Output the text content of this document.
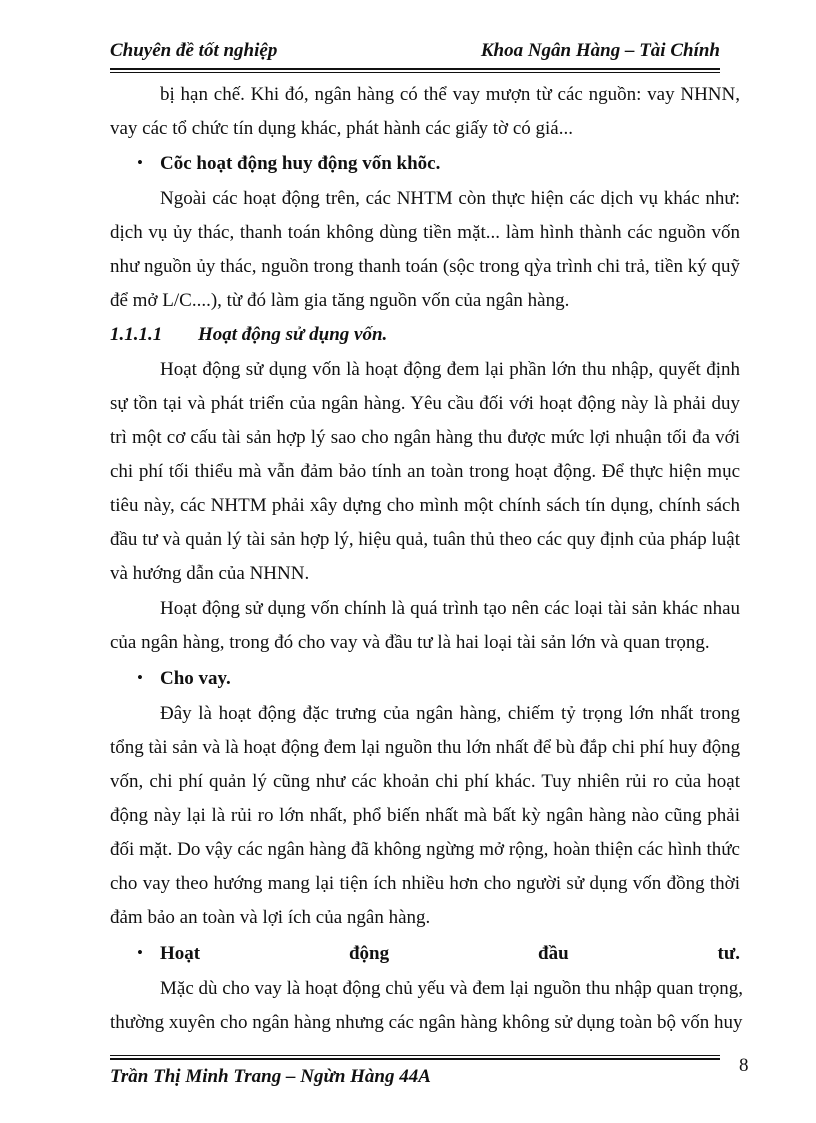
Chuyên đề tốt nghiệp	Khoa Ngân Hàng – Tài Chính
bị hạn chế. Khi đó, ngân hàng có thể vay mượn từ các nguồn: vay NHNN,
vay các tổ chức tín dụng khác, phát hành các giấy tờ có giá...
• Cõc hoạt động huy động vốn khõc.
Ngoài các hoạt động trên, các NHTM còn thực hiện các dịch vụ khác như:
dịch vụ ủy thác, thanh toán không dùng tiền mặt... làm hình thành các nguồn vốn
như nguồn ủy thác, nguồn trong thanh toán (sộc trong qỳa trình chi trả, tiền ký quỹ
để mở L/C....), từ đó làm gia tăng nguồn vốn của ngân hàng.
1.1.1.1 Hoạt động sử dụng vốn.
Hoạt động sử dụng vốn là hoạt động đem lại phần lớn thu nhập, quyết định
sự tồn tại và phát triển của ngân hàng. Yêu cầu đối với hoạt động này là phải duy
trì một cơ cấu tài sản hợp lý sao cho ngân hàng thu được mức lợi nhuận tối đa với
chi phí tối thiểu mà vẫn đảm bảo tính an toàn trong hoạt động. Để thực hiện mục
tiêu này, các NHTM phải xây dựng cho mình một chính sách tín dụng, chính sách
đầu tư và quản lý tài sản hợp lý, hiệu quả, tuân thủ theo các quy định của pháp luật
và hướng dẫn của NHNN.
Hoạt động sử dụng vốn chính là quá trình tạo nên các loại tài sản khác nhau
của ngân hàng, trong đó cho vay và đầu tư là hai loại tài sản lớn và quan trọng.
• Cho vay.
Đây là hoạt động đặc trưng của ngân hàng, chiếm tỷ trọng lớn nhất trong
tổng tài sản và là hoạt động đem lại nguồn thu lớn nhất để bù đắp chi phí huy động
vốn, chi phí quản lý cũng như các khoản chi phí khác. Tuy nhiên rủi ro của hoạt
động này lại là rủi ro lớn nhất, phổ biến nhất mà bất kỳ ngân hàng nào cũng phải
đối mặt. Do vậy các ngân hàng đã không ngừng mở rộng, hoàn thiện các hình thức
cho vay theo hướng mang lại tiện ích nhiều hơn cho người sử dụng vốn đồng thời
đảm bảo an toàn và lợi ích của ngân hàng.
• Hoạt động đầu tư.
Mặc dù cho vay là hoạt động chủ yếu và đem lại nguồn thu nhập quan trọng,
thường xuyên cho ngân hàng nhưng các ngân hàng không sử dụng toàn bộ vốn huy
Trần Thị Minh Trang – Ngừn Hàng 44A
8
